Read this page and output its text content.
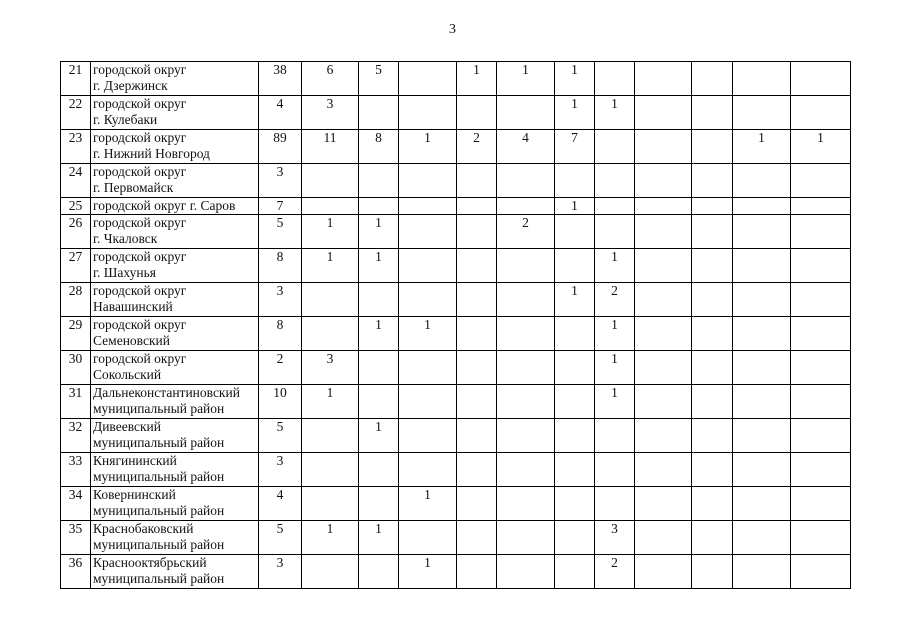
3
21	городской округ
г. Дзержинск	38	6	5		1	1	1					
22	городской округ
г. Кулебаки	4	3					1	1				
23	городской округ
г. Нижний Новгород	89	11	8	1	2	4	7				1	1
24	городской округ
г. Первомайск	3											
25	городской округ г. Саров	7						1					
26	городской округ
г. Чкаловск	5	1	1			2						
27	городской округ
г. Шахунья	8	1	1					1				
28	городской округ
Навашинский	3						1	2				
29	городской округ
Семеновский	8		1	1				1				
30	городской округ
Сокольский	2	3						1				
31	Дальнеконстантиновский
муниципальный район	10	1						1				
32	Дивеевский
муниципальный район	5		1									
33	Княгининский
муниципальный район	3											
34	Ковернинский
муниципальный район	4			1								
35	Краснобаковский
муниципальный район	5	1	1					3				
36	Краснооктябрьский
муниципальный район	3			1				2				
